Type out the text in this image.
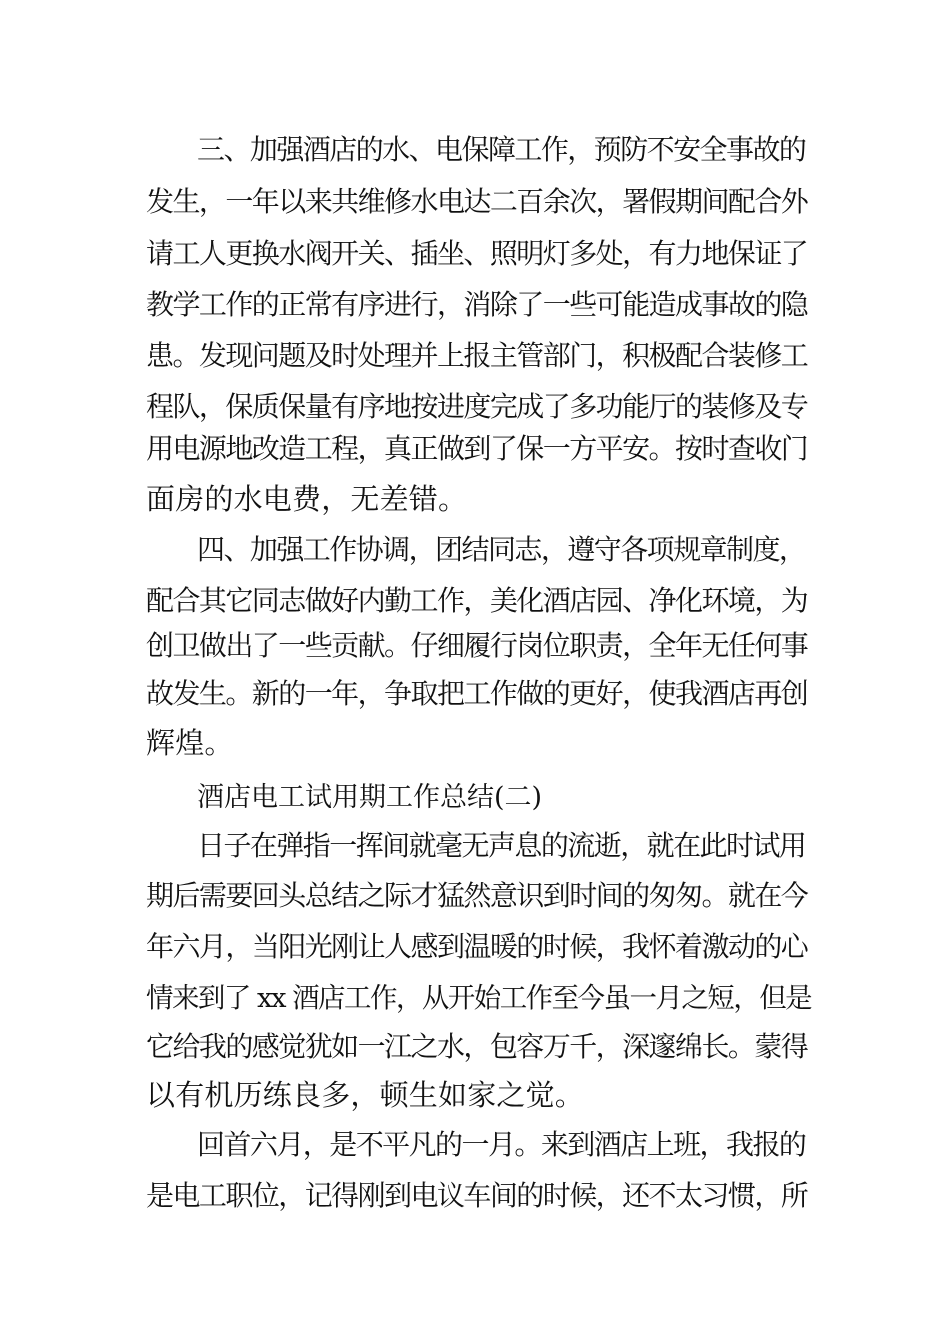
三、加强酒店的水、电保障工作，预防不安全事故的
发生，一年以来共维修水电达二百余次，署假期间配合外
请工人更换水阀开关、插坐、照明灯多处，有力地保证了
教学工作的正常有序进行，消除了一些可能造成事故的隐
患。发现问题及时处理并上报主管部门，积极配合装修工
程队，保质保量有序地按进度完成了多功能厅的装修及专
用电源地改造工程，真正做到了保一方平安。按时查收门
面房的水电费，无差错。
四、加强工作协调，团结同志，遵守各项规章制度，
配合其它同志做好内勤工作，美化酒店园、净化环境，为
创卫做出了一些贡献。仔细履行岗位职责，全年无任何事
故发生。新的一年，争取把工作做的更好，使我酒店再创
辉煌。
酒店电工试用期工作总结(二)
日子在弹指一挥间就毫无声息的流逝，就在此时试用
期后需要回头总结之际才猛然意识到时间的匆匆。就在今
年六月，当阳光刚让人感到温暖的时候，我怀着激动的心
情来到了 xx 酒店工作，从开始工作至今虽一月之短，但是
它给我的感觉犹如一江之水，包容万千，深邃绵长。蒙得
以有机历练良多，顿生如家之觉。
回首六月，是不平凡的一月。来到酒店上班，我报的
是电工职位，记得刚到电议车间的时候，还不太习惯，所
